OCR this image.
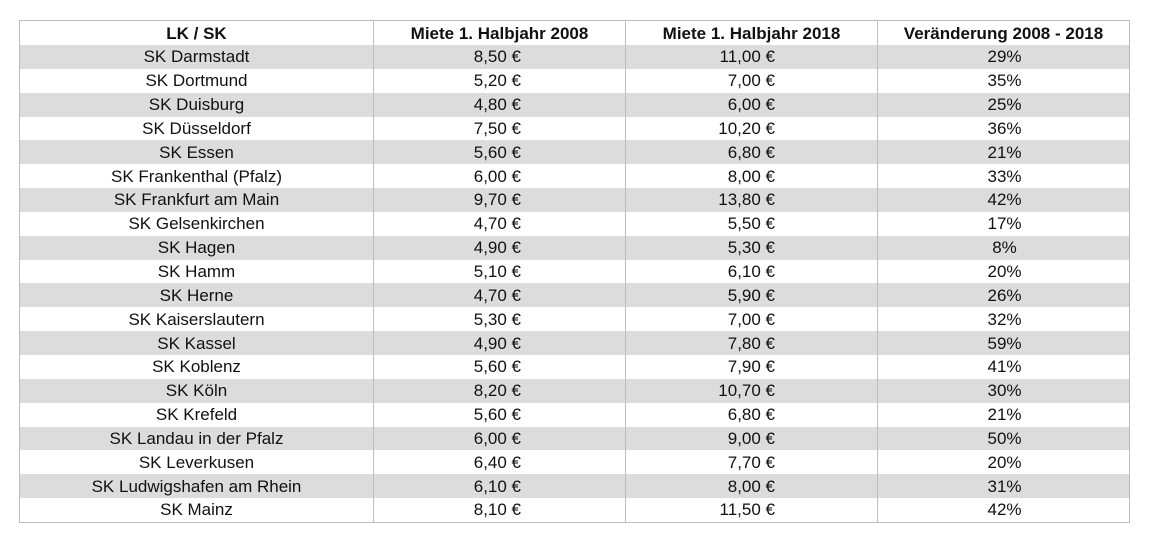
LK / SK	Miete 1. Halbjahr 2008	Miete 1. Halbjahr 2018	Veränderung 2008 - 2018
SK Darmstadt	8,50 €	11,00 €	29%
SK Dortmund	5,20 €	7,00 €	35%
SK Duisburg	4,80 €	6,00 €	25%
SK Düsseldorf	7,50 €	10,20 €	36%
SK Essen	5,60 €	6,80 €	21%
SK Frankenthal (Pfalz)	6,00 €	8,00 €	33%
SK Frankfurt am Main	9,70 €	13,80 €	42%
SK Gelsenkirchen	4,70 €	5,50 €	17%
SK Hagen	4,90 €	5,30 €	8%
SK Hamm	5,10 €	6,10 €	20%
SK Herne	4,70 €	5,90 €	26%
SK Kaiserslautern	5,30 €	7,00 €	32%
SK Kassel	4,90 €	7,80 €	59%
SK Koblenz	5,60 €	7,90 €	41%
SK Köln	8,20 €	10,70 €	30%
SK Krefeld	5,60 €	6,80 €	21%
SK Landau in der Pfalz	6,00 €	9,00 €	50%
SK Leverkusen	6,40 €	7,70 €	20%
SK Ludwigshafen am Rhein	6,10 €	8,00 €	31%
SK Mainz	8,10 €	11,50 €	42%
